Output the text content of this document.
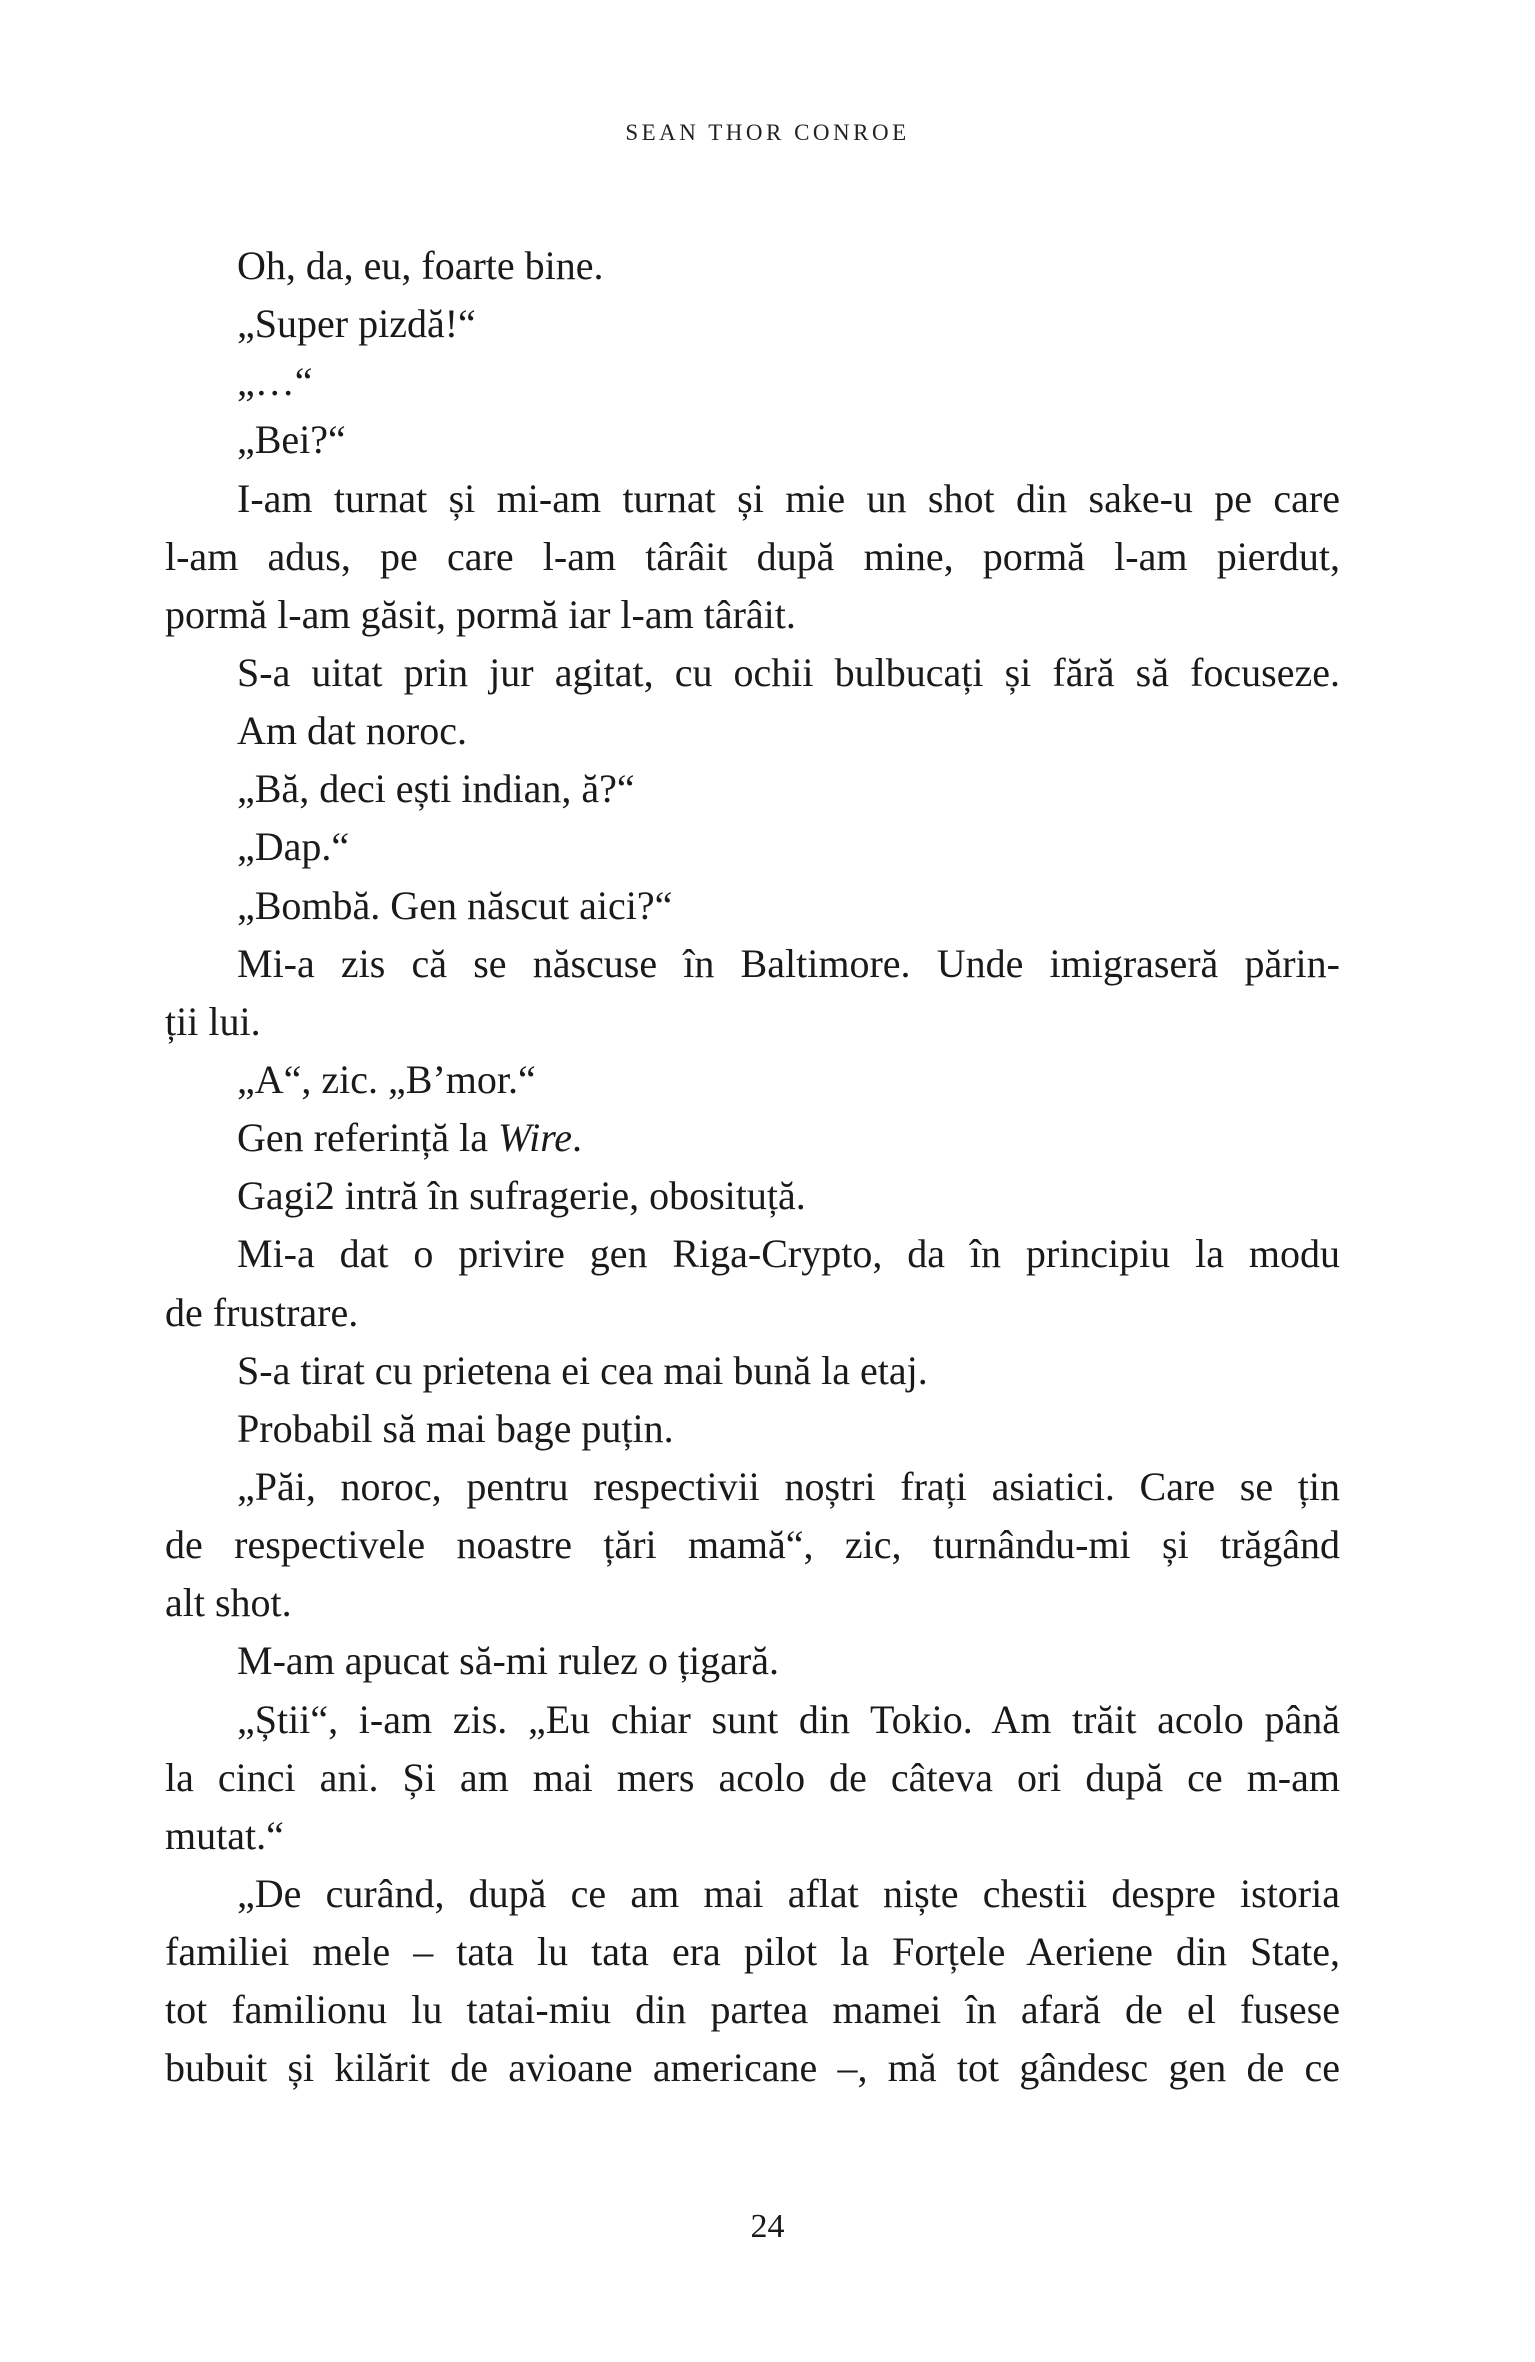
SEAN THOR CONROE
Oh, da, eu, foarte bine.
„Super pizdă!“
„…“
„Bei?“
I-am turnat și mi-am turnat și mie un shot din sake-u pe care
l-am adus, pe care l-am târâit după mine, pormă l-am pierdut,
pormă l-am găsit, pormă iar l-am târâit.
S-a uitat prin jur agitat, cu ochii bulbucați și fără să focuseze.
Am dat noroc.
„Bă, deci ești indian, ă?“
„Dap.“
„Bombă. Gen născut aici?“
Mi-a zis că se născuse în Baltimore. Unde imigraseră părin-
ții lui.
„A“, zic. „B’mor.“
Gen referință la Wire.
Gagi2 intră în sufragerie, obosituță.
Mi-a dat o privire gen Riga-Crypto, da în principiu la modu
de frustrare.
S-a tirat cu prietena ei cea mai bună la etaj.
Probabil să mai bage puțin.
„Păi, noroc, pentru respectivii noștri frați asiatici. Care se țin
de respectivele noastre țări mamă“, zic, turnându-mi și trăgând
alt shot.
M-am apucat să-mi rulez o țigară.
„Știi“, i-am zis. „Eu chiar sunt din Tokio. Am trăit acolo până
la cinci ani. Și am mai mers acolo de câteva ori după ce m-am
mutat.“
„De curând, după ce am mai aflat niște chestii despre istoria
familiei mele – tata lu tata era pilot la Forțele Aeriene din State,
tot familionu lu tatai-miu din partea mamei în afară de el fusese
bubuit și kilărit de avioane americane –, mă tot gândesc gen de ce
24
